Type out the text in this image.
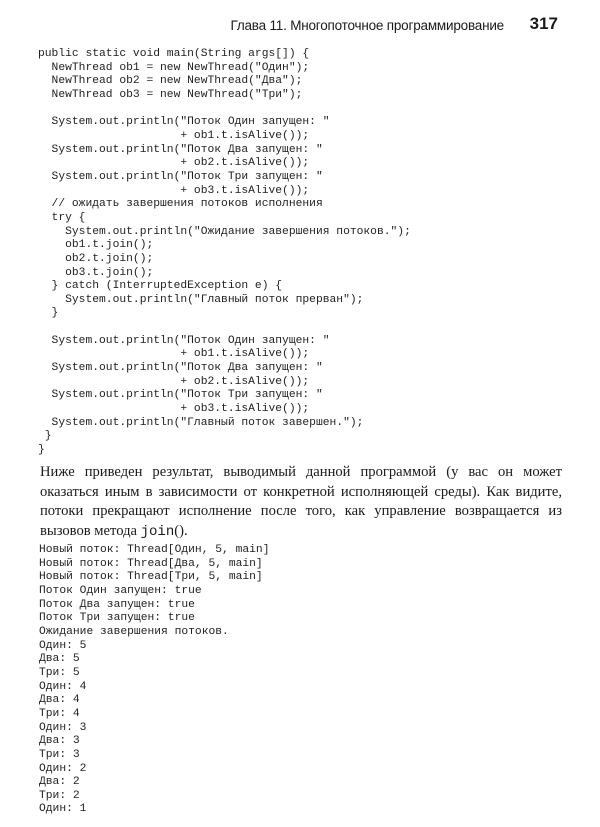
Глава 11. Многопоточное программирование 317
public static void main(String args[]) {
NewThread ob1 = new NewThread("Один");
NewThread ob2 = new NewThread("Два");
NewThread ob3 = new NewThread("Три");

System.out.println("Поток Один запущен: "
+ ob1.t.isAlive());
System.out.println("Поток Два запущен: "
+ ob2.t.isAlive());
System.out.println("Поток Три запущен: "
+ ob3.t.isAlive());
// ожидать завершения потоков исполнения
try {
System.out.println("Ожидание завершения потоков.");
ob1.t.join();
ob2.t.join();
ob3.t.join();
} catch (InterruptedException e) {
System.out.println("Главный поток прерван");
}

System.out.println("Поток Один запущен: "
+ ob1.t.isAlive());
System.out.println("Поток Два запущен: "
+ ob2.t.isAlive());
System.out.println("Поток Три запущен: "
+ ob3.t.isAlive());
System.out.println("Главный поток завершен.");
}
}
Ниже приведен результат, выводимый данной программой (у вас он может оказаться иным в зависимости от конкретной исполняющей среды). Как видите, потоки прекращают исполнение после того, как управление возвращается из вызовов метода join().
Новый поток: Thread[Один, 5, main]
Новый поток: Thread[Два, 5, main]
Новый поток: Thread[Три, 5, main]
Поток Один запущен: true
Поток Два запущен: true
Поток Три запущен: true
Ожидание завершения потоков.
Один: 5
Два: 5
Три: 5
Один: 4
Два: 4
Три: 4
Один: 3
Два: 3
Три: 3
Один: 2
Два: 2
Три: 2
Один: 1
